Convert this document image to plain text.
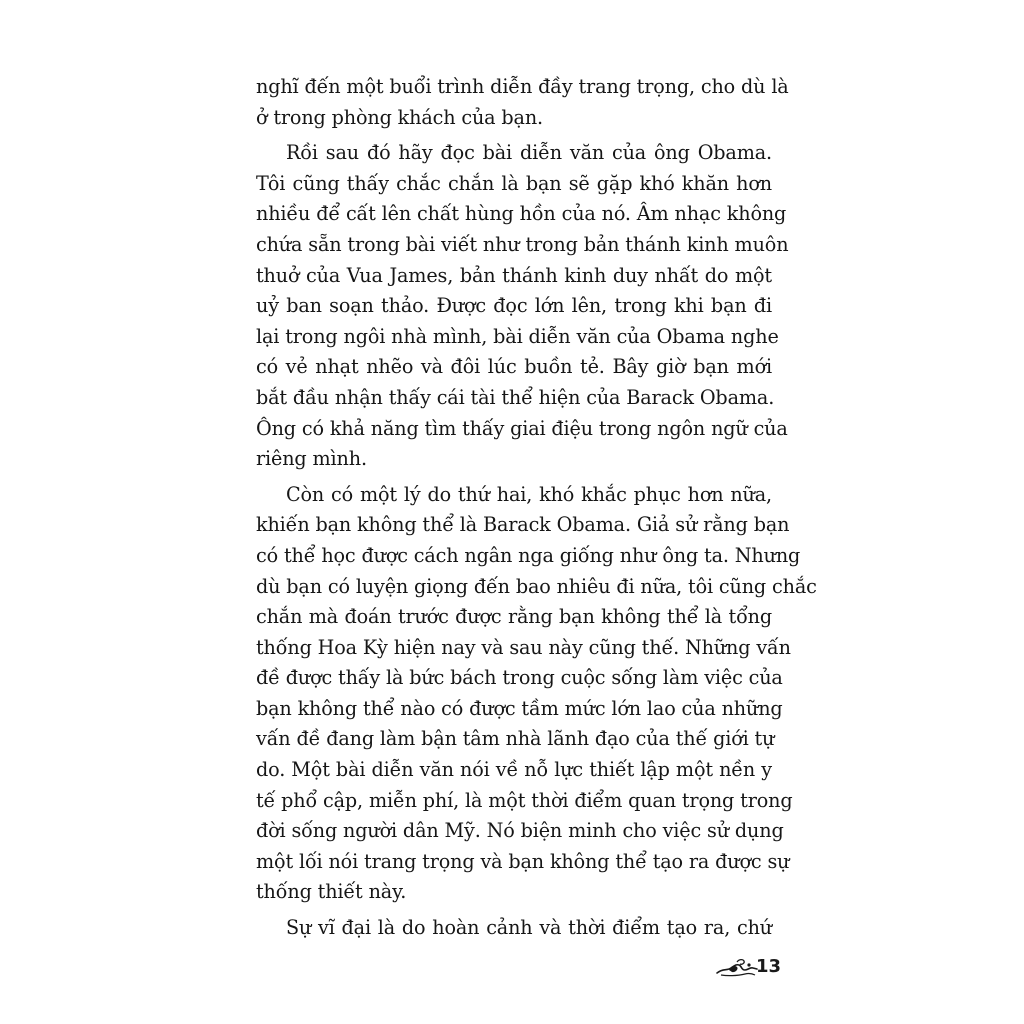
nghĩ đến một buổi trình diễn đầy trang trọng, cho dù là
ở trong phòng khách của bạn.
Rồi sau đó hãy đọc bài diễn văn của ông Obama.
Tôi cũng thấy chắc chắn là bạn sẽ gặp khó khăn hơn
nhiều để cất lên chất hùng hồn của nó. Âm nhạc không
chứa sẵn trong bài viết như trong bản thánh kinh muôn
thuở của Vua James, bản thánh kinh duy nhất do một
uỷ ban soạn thảo. Được đọc lớn lên, trong khi bạn đi
lại trong ngôi nhà mình, bài diễn văn của Obama nghe
có vẻ nhạt nhẽo và đôi lúc buồn tẻ. Bây giờ bạn mới
bắt đầu nhận thấy cái tài thể hiện của Barack Obama.
Ông có khả năng tìm thấy giai điệu trong ngôn ngữ của
riêng mình.
Còn có một lý do thứ hai, khó khắc phục hơn nữa,
khiến bạn không thể là Barack Obama. Giả sử rằng bạn
có thể học được cách ngân nga giống như ông ta. Nhưng
dù bạn có luyện giọng đến bao nhiêu đi nữa, tôi cũng chắc
chắn mà đoán trước được rằng bạn không thể là tổng
thống Hoa Kỳ hiện nay và sau này cũng thế. Những vấn
đề được thấy là bức bách trong cuộc sống làm việc của
bạn không thể nào có được tầm mức lớn lao của những
vấn đề đang làm bận tâm nhà lãnh đạo của thế giới tự
do. Một bài diễn văn nói về nỗ lực thiết lập một nền y
tế phổ cập, miễn phí, là một thời điểm quan trọng trong
đời sống người dân Mỹ. Nó biện minh cho việc sử dụng
một lối nói trang trọng và bạn không thể tạo ra được sự
thống thiết này.
Sự vĩ đại là do hoàn cảnh và thời điểm tạo ra, chứ
13
